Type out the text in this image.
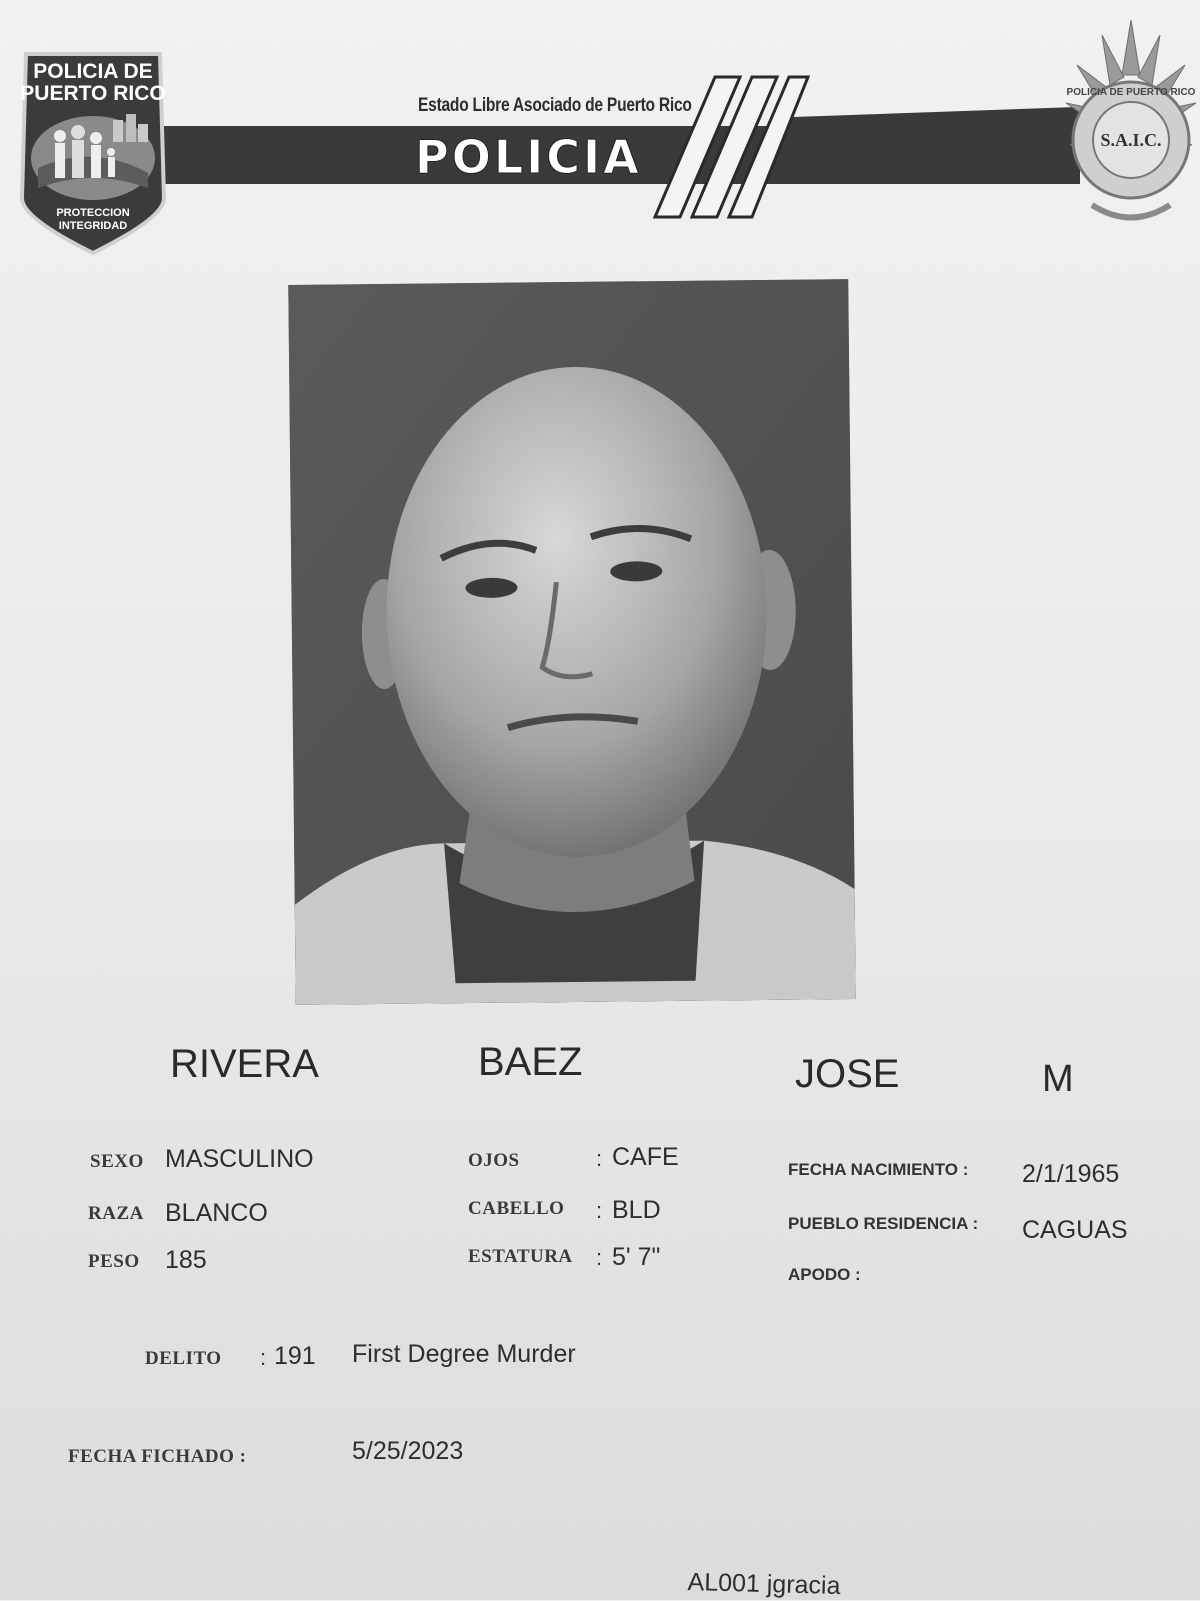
POLICIA DE
PUERTO RICO
PROTECCION
INTEGRIDAD
Estado Libre Asociado de Puerto Rico
POLICIA
POLICIA DE PUERTO RICO
S.A.I.C.
RIVERA	BAEZ	JOSE	M
SEXO MASCULINO
RAZA BLANCO
PESO 185
OJOS	: CAFE
CABELLO : BLD
ESTATURA : 5' 7"
FECHA NACIMIENTO : 2/1/1965
PUEBLO RESIDENCIA : CAGUAS
APODO :
DELITO : 191 First Degree Murder
FECHA FICHADO :	5/25/2023
AL001 jgracia
